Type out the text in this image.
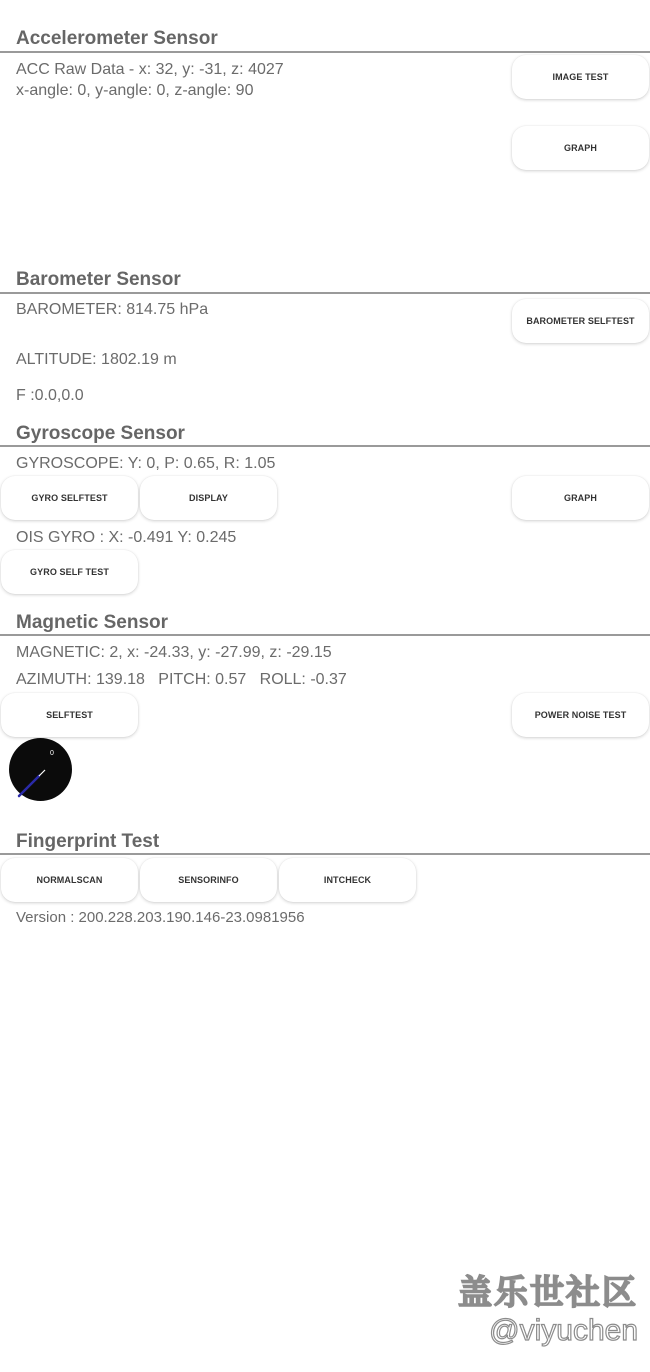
Accelerometer Sensor
ACC Raw Data - x: 32, y: -31, z: 4027
x-angle: 0, y-angle: 0, z-angle: 90
IMAGE TEST
GRAPH
Barometer Sensor
BAROMETER: 814.75 hPa
BAROMETER SELFTEST
ALTITUDE: 1802.19 m
F :0.0,0.0
Gyroscope Sensor
GYROSCOPE: Y: 0, P: 0.65, R: 1.05
GYRO SELFTEST	DISPLAY	GRAPH
OIS GYRO : X: -0.491 Y: 0.245
GYRO SELF TEST
Magnetic Sensor
MAGNETIC: 2, x: -24.33, y: -27.99, z: -29.15
AZIMUTH: 139.18   PITCH: 0.57   ROLL: -0.37
SELFTEST	POWER NOISE TEST
0
Fingerprint Test
NORMALSCAN	SENSORINFO	INTCHECK
Version : 200.228.203.190.146-23.0981956
盖乐世社区
@viyuchen
